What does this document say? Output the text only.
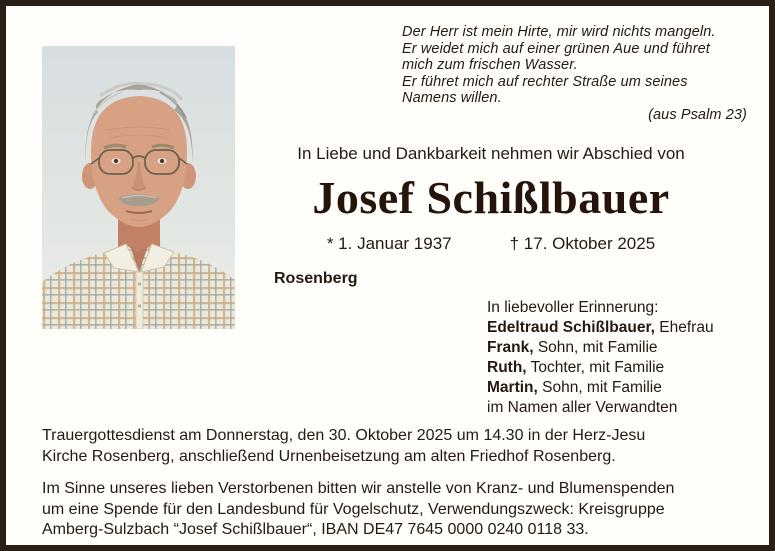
Der Herr ist mein Hirte, mir wird nichts mangeln.
Er weidet mich auf einer grünen Aue und führet
mich zum frischen Wasser.
Er führet mich auf rechter Straße um seines
Namens willen.
(aus Psalm 23)
In Liebe und Dankbarkeit nehmen wir Abschied von
Josef Schißlbauer
* 1. Januar 1937	† 17. Oktober 2025
Rosenberg
In liebevoller Erinnerung:
Edeltraud Schißlbauer, Ehefrau
Frank, Sohn, mit Familie
Ruth, Tochter, mit Familie
Martin, Sohn, mit Familie
im Namen aller Verwandten
Trauergottesdienst am Donnerstag, den 30. Oktober 2025 um 14.30 in der Herz-Jesu
Kirche Rosenberg, anschließend Urnenbeisetzung am alten Friedhof Rosenberg.
Im Sinne unseres lieben Verstorbenen bitten wir anstelle von Kranz- und Blumenspenden
um eine Spende für den Landesbund für Vogelschutz, Verwendungszweck: Kreisgruppe
Amberg-Sulzbach “Josef Schißlbauer“, IBAN DE47 7645 0000 0240 0118 33.
